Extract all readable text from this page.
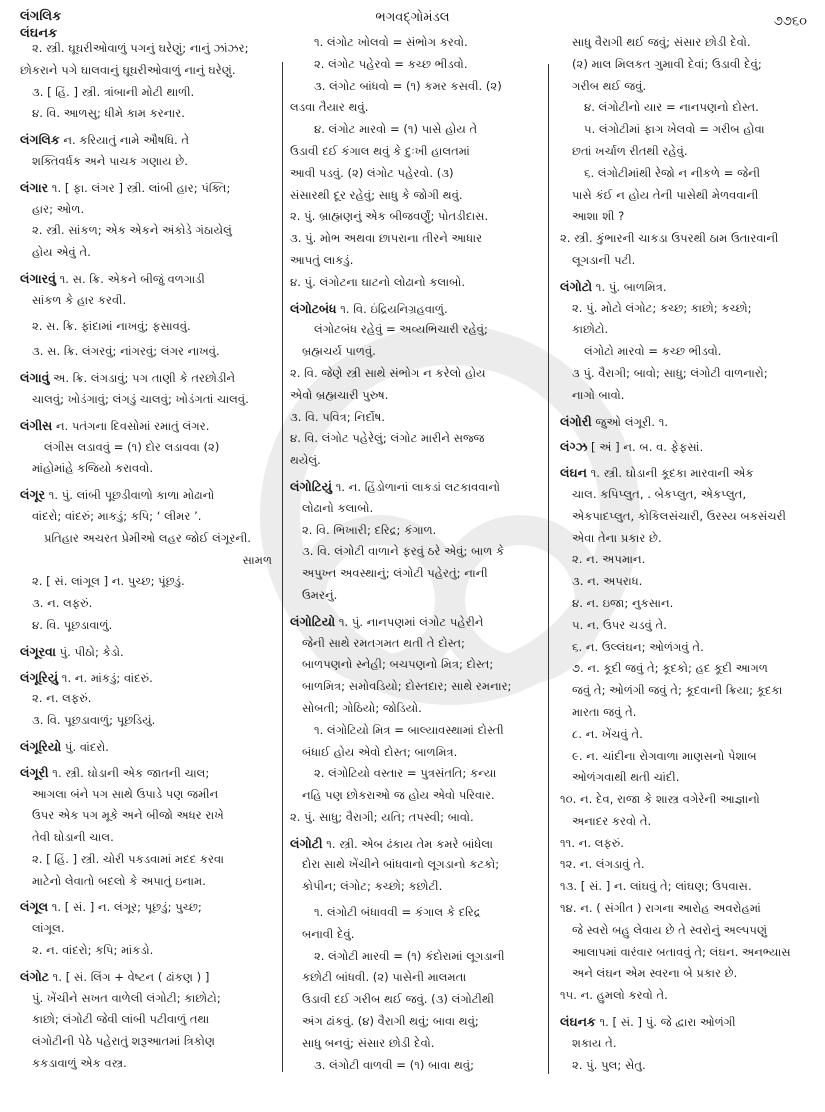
લંગલિક
લંઘનક
ભગવદ્ગોમંડલ	૭૭૬૦
૨. સ્ત્રી. ઘૂઘરીઓવાળું પગનું ઘરેણું; નાનું ઝાંઝર;
છોકરાને પગે ઘાલવાનું ઘૂઘરીઓવાળું નાનું ઘરેણું.
૩. [ હિં. ] સ્ત્રી. ત્રાંબાની મોટી થાળી.
૪. વિ. આળસુ; ધીમે કામ કરનાર.
લંગલિક ન. કરિયાતું નામે ઔષધિ. તે
શક્તિવર્ધક અને પાચક ગણાય છે.
લંગાર ૧. [ ફા. લંગર ] સ્ત્રી. લાંબી હાર; પંક્તિ;
હાર; ઓળ.
૨. સ્ત્રી. સાંકળ; એક એકને અંકોડે ગંઠાયેલું
હોય એવું તે.
લંગારવું ૧. સ. ક્રિ. એકને બીજું વળગાડી
સાંકળ કે હાર કરવી.
૨. સ. ક્રિ. ફાંદામાં નાખવું; ફસાવવું.
૩. સ. ક્રિ. લંગરવું; નાંગરવું; લંગર નાખવું.
લંગાવું અ. ક્રિ. લંગડાવું; પગ તાણી કે તરછોડીને
ચાલવું; ખોડંગાવું; લંગડું ચાલવું; ખોડંગતાં ચાલવું.
લંગીસ ન. પતંગના દિવસોમાં રમાતું લંગર.
લંગીસ લડાવવું = (૧) દોર લડાવવા (૨)
માંહોમાંહે કજિયો કરાવવો.
લંગૂર ૧. પું. લાંબી પૂછડીવાળો કાળા મોઢાનો
વાંદરો; વાંદરું; માકડું; કપિ; ‘ લીમર ’.
પ્રતિહાર અચરત પ્રેમીઓ લહર જોઈ લંગૂરની.
સામળ
૨. [ સં. લાંગૂલ ] ન. પુચ્છ; પૂંછડું.
૩. ન. લફરું.
૪. વિ. પૂછડાવાળું.
લંગૂરવા પું. પીઠો; કેડો.
લંગૂરિયું ૧. ન. માંકડું; વાંદરું.
૨. ન. લફરું.
૩. વિ. પૂછડાવાળું; પૂછડિયું.
લંગૂરિયો પું. વાંદરો.
લંગૂરી ૧. સ્ત્રી. ઘોડાની એક જાતની ચાલ;
આગલા બંને પગ સાથે ઉપાડે પણ જમીન
ઉપર એક પગ મૂકે અને બીજો અધર રાખે
તેવી ઘોડાની ચાલ.
૨. [ હિં. ] સ્ત્રી. ચોરી પકડવામાં મદદ કરવા
માટેનો લેવાતો બદલો કે અપાતું ઇનામ.
લંગૂલ ૧. [ સં. ] ન. લંગૂર; પૂછડું; પુચ્છ;
લાંગૂલ.
૨. ન. વાંદરો; કપિ; માંકડો.
લંગોટ ૧. [ સં. લિંગ + વેષ્ટન ( ઢાંકણ ) ]
પું. ખેંચીને સખત વાળેલી લંગોટી; કાછોટો;
કાછો; લંગોટી જેવી લાંબી પટીવાળું તથા
લંગોટીની પેઠે પહેરાતું શરૂઆતમાં ત્રિકોણ
કકડાવાળું એક વસ્ત્ર.
૧. લંગોટ ખોલવો = સંભોગ કરવો.
૨. લંગોટ પહેરવો = કચ્છ ભીડવો.
૩. લંગોટ બાંધવો = (૧) કમર કસવી. (૨)
લડવા તૈયાર થવું.
૪. લંગોટ મારવો = (૧) પાસે હોય તે
ઉડાવી દઈ કંગાલ થવું કે દુઃખી હાલતમાં
આવી પડવું. (૨) લંગોટ પહેરવો. (૩)
સંસારથી દૂર રહેવું; સાધુ કે જોગી થવું.
૨. પું. બ્રાહ્મણનું એક બીજવર્ણું; પોતડીદાસ.
૩. પું. મોભ અથવા છાપરાના તીરને આધાર
આપતું લાકડું.
૪. પું. લંગોટના ઘાટનો લોઢાનો કલાબો.
લંગોટબંધ ૧. વિ. ઇંદ્રિયનિગ્રહવાળું.
લંગોટબંધ રહેવું = અવ્યભિચારી રહેવું;
બ્રહ્મચર્ય પાળવું.
૨. વિ. જેણે સ્ત્રી સાથે સંભોગ ન કરેલો હોય
એવો બ્રહ્મચારી પુરુષ.
૩. વિ. પવિત્ર; નિર્દોષ.
૪. વિ. લંગોટ પહેરેલું; લંગોટ મારીને સજ્જ
થયેલું.
લંગોટિયું ૧. ન. હિંડોળાનાં લાકડાં લટકાવવાનો
લોઢાનો કલાબો.
૨. વિ. ભિખારી; દરિદ્ર; કંગાળ.
૩. વિ. લંગોટી વાળાને ફરવું ઠરે એવું; બાળ કે
અપુખ્ત અવસ્થાનું; લંગોટી પહેરતું; નાની
ઉમરનું.
લંગોટિયો ૧. પું. નાનપણમાં લંગોટ પહેરીને
જેની સાથે રમતગમત થતી તે દોસ્ત;
બાળપણનો સ્નેહી; બચપણનો મિત્ર; દોસ્ત;
બાળમિત્ર; સમોવડિયો; દોસ્તદાર; સાથે રમનાર;
સોબતી; ગોઠિયો; જોડિયો.
૧. લંગોટિયો મિત્ર = બાલ્યાવસ્થામાં દોસ્તી
બંધાઈ હોય એવો દોસ્ત; બાળમિત્ર.
૨. લંગોટિયો વસ્તાર = પુત્રસંતતિ; કન્યા
નહિ પણ છોકરાઓ જ હોય એવો પરિવાર.
૨. પું. સાધુ; વૈરાગી; યતિ; તપસ્વી; બાવો.
લંગોટી ૧. સ્ત્રી. એબ ઢંકાય તેમ કમરે બાંધેલા
દોરા સાથે ખેંચીને બાંધવાનો લૂગડાનો કટકો;
કોપીન; લંગોટ; કચ્છો; કછોટી.
૧. લંગોટી બંધાવવી = કંગાલ કે દરિદ્ર
બનાવી દેવું.
૨. લંગોટી મારવી = (૧) કંદોરામાં લૂગડાની
કછોટી બાંધવી. (૨) પાસેની માલમતા
ઉડાવી દઈ ગરીબ થઈ જવું. (૩) લંગોટીથી
અંગ ઢાંકવું. (૪) વૈરાગી થવું; બાવા થવું;
સાધુ બનવું; સંસાર છોડી દેવો.
૩. લંગોટી વાળવી = (૧) બાવા થવું;
સાધુ વૈરાગી થઈ જવું; સંસાર છોડી દેવો.
(૨) માલ મિલકત ગુમાવી દેવાં; ઉડાવી દેવું;
ગરીબ થઈ જવું.
૪. લંગોટીનો યાર = નાનપણનો દોસ્ત.
૫. લંગોટીમાં ફાગ ખેલવો = ગરીબ હોવા
છતાં ખર્ચાળ રીતથી રહેવું.
૬. લંગોટીમાંથી રેજો ન નીકળે = જેની
પાસે કંઈ ન હોય તેની પાસેથી મેળવવાની
આશા શી ?
૨. સ્ત્રી. કુંભારની ચાકડા ઉપરથી ઠામ ઉતારવાની
લૂગડાની પટી.
લંગોટો ૧. પું. બાળમિત્ર.
૨. પું. મોટો લંગોટ; કચ્છ; કાછો; કચ્છો;
કાછોટો.
લંગોટો મારવો = કચ્છ ભીડવો.
૩ પું. વૈરાગી; બાવો; સાધુ; લંગોટી વાળનારો;
નાગો બાવો.
લંગોરી જુઓ લંગૂરી. ૧.
લંગ્ઝ [ અં ] ન. બ. વ. ફેફસાં.
લંઘન ૧. સ્ત્રી. ઘોડાની કૂદકા મારવાની એક
ચાલ. કપિપ્લુત, . બેકપ્લુત, એકપ્લુત,
એકપાદપ્લુત, કોકિલસંચારી, ઉરસ્ય બકસંચરી
એવા તેના પ્રકાર છે.
૨. ન. અપમાન.
૩. ન. અપરાધ.
૪. ન. ઇજા; નુકસાન.
૫. ન. ઉપર ચડવું તે.
૬. ન. ઉલ્લંઘન; ઓળંગવું તે.
૭. ન. કૂદી જવું તે; કૂદકો; હદ કૂદી આગળ
જવું તે; ઓળંગી જવું તે; કૂદવાની ક્રિયા; કૂદકા
મારતા જવું તે.
૮. ન. ખેંચવું તે.
૯. ન. ચાંદીના રોગવાળા માણસનો પેશાબ
ઓળંગવાથી થતી ચાંદી.
૧૦. ન. દેવ, રાજા કે શાસ્ત્ર વગેરેની આજ્ઞાનો
અનાદર કરવો તે.
૧૧. ન. લફરું.
૧૨. ન. લંગડાવું તે.
૧૩. [ સં. ] ન. લાંઘવું તે; લાંઘણ; ઉપવાસ.
૧૪. ન. ( સંગીત ) રાગના આરોહ અવરોહમાં
જે સ્વરો બહુ લેવાય છે તે સ્વરોનું અલ્પપણું
આલાપમાં વારંવાર બતાવવું તે; લંઘન. અનભ્યાસ
અને લંઘન એમ સ્વરના બે પ્રકાર છે.
૧૫. ન. હુમલો કરવો તે.
લંઘનક ૧. [ સં. ] પું. જે દ્વારા ઓળંગી
શકાય તે.
૨. પું. પુલ; સેતુ.
